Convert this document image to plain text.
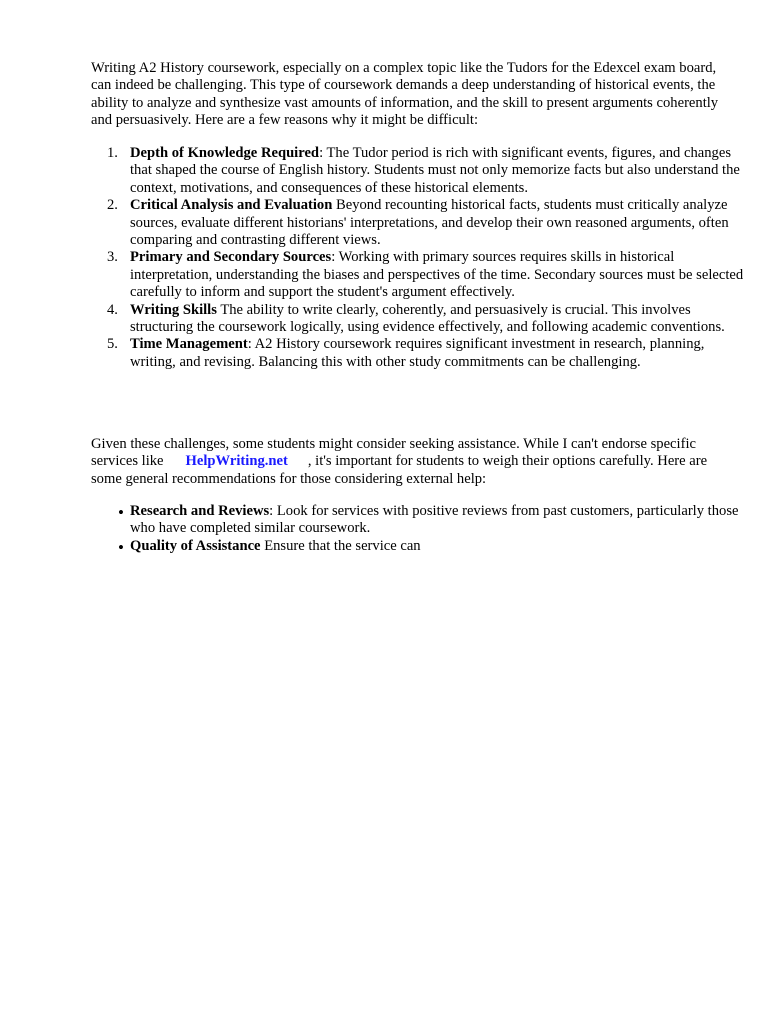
Writing A2 History coursework, especially on a complex topic like the Tudors for the Edexcel exam board, can indeed be challenging. This type of coursework demands a deep understanding of historical events, the ability to analyze and synthesize vast amounts of information, and the skill to present arguments coherently and persuasively. Here are a few reasons why it might be difficult:

1. Depth of Knowledge Required: The Tudor period is rich with significant events, figures, and changes that shaped the course of English history. Students must not only memorize facts but also understand the context, motivations, and consequences of these historical elements.
2. Critical Analysis and Evaluation Beyond recounting historical facts, students must critically analyze sources, evaluate different historians' interpretations, and develop their own reasoned arguments, often comparing and contrasting different views.
3. Primary and Secondary Sources: Working with primary sources requires skills in historical interpretation, understanding the biases and perspectives of the time. Secondary sources must be selected carefully to inform and support the student's argument effectively.
4. Writing Skills The ability to write clearly, coherently, and persuasively is crucial. This involves structuring the coursework logically, using evidence effectively, and following academic conventions.
5. Time Management: A2 History coursework requires significant investment in research, planning, writing, and revising. Balancing this with other study commitments can be challenging.

Given these challenges, some students might consider seeking assistance. While I can't endorse specific services like HelpWriting.net , it's important for students to weigh their options carefully. Here are some general recommendations for those considering external help:

• Research and Reviews: Look for services with positive reviews from past customers, particularly those who have completed similar coursework.
• Quality of Assistance Ensure that the service can
